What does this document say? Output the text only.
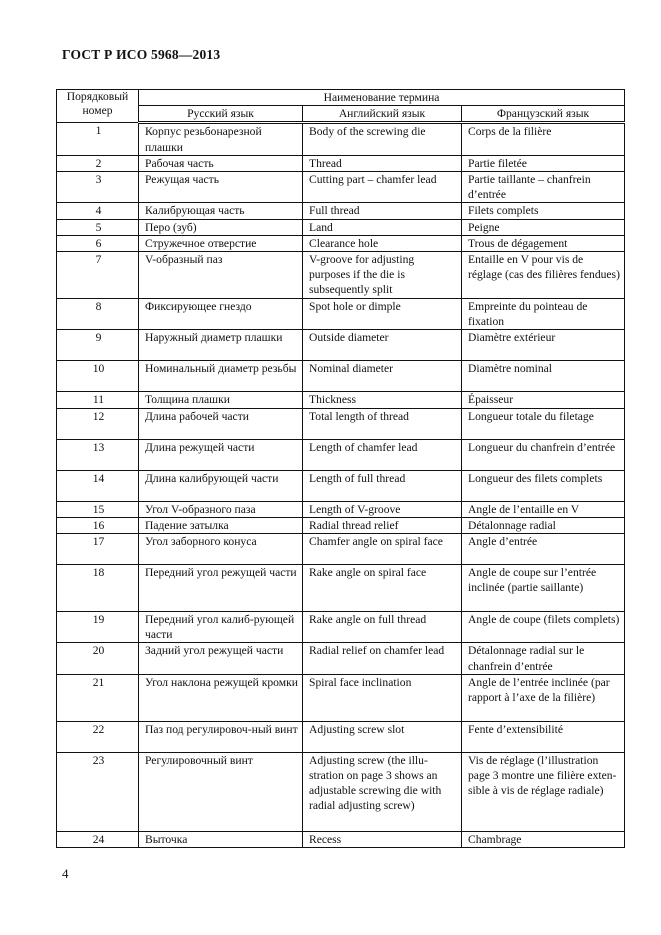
ГОСТ Р ИСО 5968—2013
Порядковый номер	Наименование термина		
	Русский язык	Английский язык	Французский язык
1	Корпус резьбонарезной плашки	Body of the screwing die	Corps de la filière
2	Рабочая часть	Thread	Partie filetée
3	Режущая часть	Cutting part – chamfer lead	Partie taillante – chanfrein d’entrée
4	Калибрующая часть	Full thread	Filets complets
5	Перо (зуб)	Land	Peigne
6	Стружечное отверстие	Clearance hole	Trous de dégagement
7	V-образный паз	V-groove for adjusting purposes if the die is subsequently split	Entaille en V pour vis de réglage (cas des filières fendues)
8	Фиксирующее гнездо	Spot hole or dimple	Empreinte du pointeau de fixation
9	Наружный диаметр плашки	Outside diameter	Diamètre extérieur
10	Номинальный диаметр резьбы	Nominal diameter	Diamètre nominal
11	Толщина плашки	Thickness	Épaisseur
12	Длина рабочей части	Total length of thread	Longueur totale du filetage
13	Длина режущей части	Length of chamfer lead	Longueur du chanfrein d’entrée
14	Длина калибрующей части	Length of full thread	Longueur des filets complets
15	Угол V-образного паза	Length of V-groove	Angle de l’entaille en V
16	Падение затылка	Radial thread relief	Détalonnage radial
17	Угол заборного конуса	Chamfer angle on spiral face	Angle d’entrée
18	Передний угол режущей части	Rake angle on spiral face	Angle de coupe sur l’entrée inclinée (partie saillante)
19	Передний угол калиб-рующей части	Rake angle on full thread	Angle de coupe (filets complets)
20	Задний угол режущей части	Radial relief on chamfer lead	Détalonnage radial sur le chanfrein d’entrée
21	Угол наклона режущей кромки	Spiral face inclination	Angle de l’entrée inclinée (par rapport à l’axe de la filière)
22	Паз под регулировоч-ный винт	Adjusting screw slot	Fente d’extensibilité
23	Регулировочный винт	Adjusting screw (the illu-stration on page 3 shows an adjustable screwing die with radial adjusting screw)	Vis de réglage (l’illustration page 3 montre une filière exten-sible à vis de réglage radiale)
24	Выточка	Recess	Chambrage
4
